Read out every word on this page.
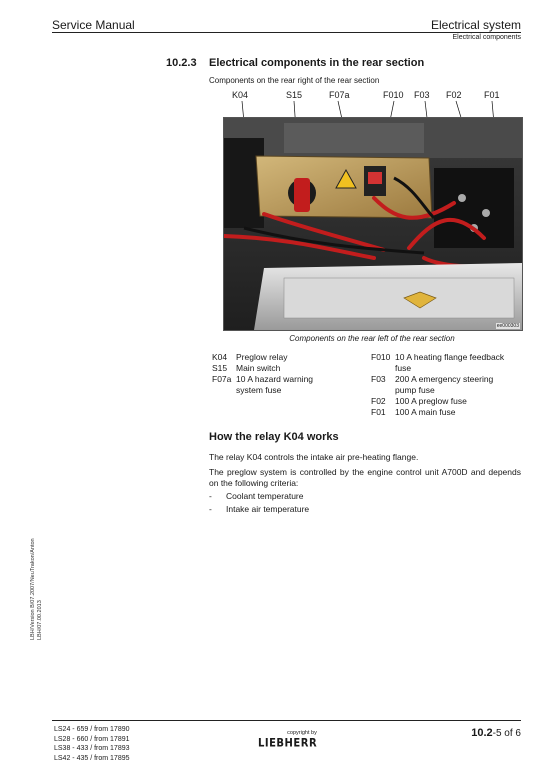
Service Manual	Electrical system
Electrical components
10.2.3 Electrical components in the rear section
Components on the rear right of the rear section
K04	S15	F07a	F010 F03 F02 F01
ee000303
Components on the rear left of the rear section
K04 Preglow relay
S15 Main switch
F07a 10 A hazard warning system fuse
F010 10 A heating flange feedback fuse
F03 200 A emergency steering pump fuse
F02 100 A preglow fuse
F01 100 A main fuse
How the relay K04 works
The relay K04 controls the intake air pre-heating flange.
The preglow system is controlled by the engine control unit A700D and depends on the following criteria:
- Coolant temperature
- Intake air temperature
LBH/Version B/07.2007/NeuTrakon/Anton LBH/07.00.2013
LS24 - 659 / from 17890
LS28 - 660 / from 17891
LS38 - 433 / from 17893
LS42 - 435 / from 17895
copyright by
LIEBHERR
10.2-5 of 6
